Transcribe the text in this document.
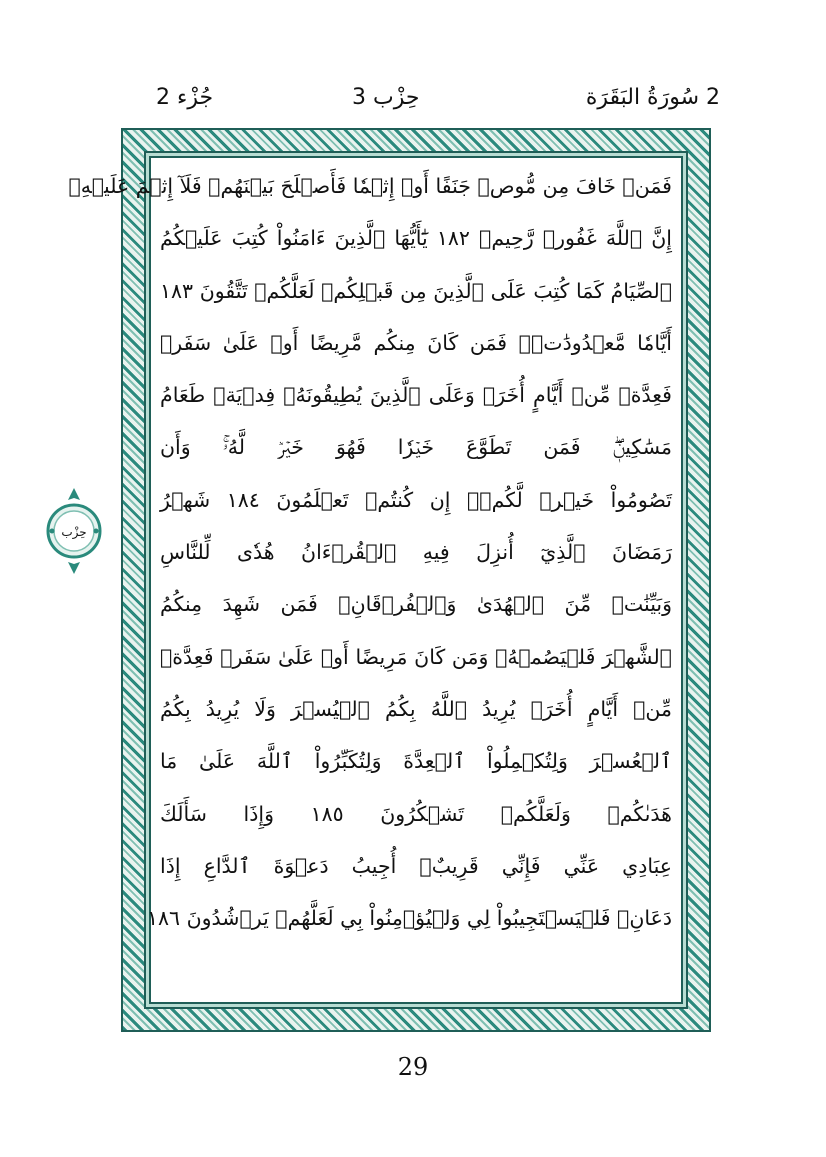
2 سُورَةُ البَقَرَة
حِزْب 3
جُزْء 2
فَمَنۡ خَافَ مِن مُّوصٖ جَنَفًا أَوۡ إِثۡمٗا فَأَصۡلَحَ بَيۡنَهُمۡ فَلَآ إِثۡمَ عَلَيۡهِۚ
إِنَّ ٱللَّهَ غَفُورٞ رَّحِيمٞ ١٨٢ يَٰٓأَيُّهَا ٱلَّذِينَ ءَامَنُواْ كُتِبَ عَلَيۡكُمُ
ٱلصِّيَامُ كَمَا كُتِبَ عَلَى ٱلَّذِينَ مِن قَبۡلِكُمۡ لَعَلَّكُمۡ تَتَّقُونَ ١٨٣
أَيَّامٗا مَّعۡدُودَٰتٖۚ فَمَن كَانَ مِنكُم مَّرِيضًا أَوۡ عَلَىٰ سَفَرٖ
فَعِدَّةٞ مِّنۡ أَيَّامٍ أُخَرَۚ وَعَلَى ٱلَّذِينَ يُطِيقُونَهُۥ فِدۡيَةٞ طَعَامُ
مَسَٰكِينٖۖ فَمَن تَطَوَّعَ خَيۡرٗا فَهُوَ خَيۡرٞ لَّهُۥۚ وَأَن
تَصُومُواْ خَيۡرٞ لَّكُمۡۖ إِن كُنتُمۡ تَعۡلَمُونَ ١٨٤ شَهۡرُ
رَمَضَانَ ٱلَّذِيٓ أُنزِلَ فِيهِ ٱلۡقُرۡءَانُ هُدٗى لِّلنَّاسِ
وَبَيِّنَٰتٖ مِّنَ ٱلۡهُدَىٰ وَٱلۡفُرۡقَانِۚ فَمَن شَهِدَ مِنكُمُ
ٱلشَّهۡرَ فَلۡيَصُمۡهُۖ وَمَن كَانَ مَرِيضًا أَوۡ عَلَىٰ سَفَرٖ فَعِدَّةٞ
مِّنۡ أَيَّامٍ أُخَرَۗ يُرِيدُ ٱللَّهُ بِكُمُ ٱلۡيُسۡرَ وَلَا يُرِيدُ بِكُمُ
ٱلۡعُسۡرَ وَلِتُكۡمِلُواْ ٱلۡعِدَّةَ وَلِتُكَبِّرُواْ ٱللَّهَ عَلَىٰ مَا
هَدَىٰكُمۡ وَلَعَلَّكُمۡ تَشۡكُرُونَ ١٨٥ وَإِذَا سَأَلَكَ
عِبَادِي عَنِّي فَإِنِّي قَرِيبٌۖ أُجِيبُ دَعۡوَةَ ٱلدَّاعِ إِذَا
دَعَانِۖ فَلۡيَسۡتَجِيبُواْ لِي وَلۡيُؤۡمِنُواْ بِي لَعَلَّهُمۡ يَرۡشُدُونَ ١٨٦
حِزْب
29
